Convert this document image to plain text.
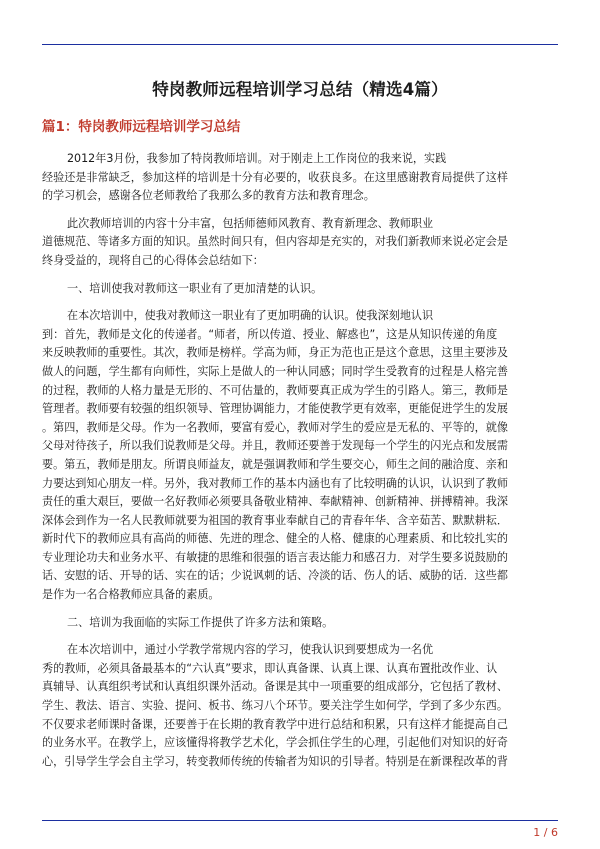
特岗教师远程培训学习总结（精选4篇）
篇1：特岗教师远程培训学习总结

2012年3月份，我参加了特岗教师培训。对于刚走上工作岗位的我来说，实践
经验还是非常缺乏，参加这样的培训是十分有必要的，收获良多。在这里感谢教育局提供了这样
的学习机会，感谢各位老师教给了我那么多的教育方法和教育理念。

此次教师培训的内容十分丰富，包括师德师风教育、教育新理念、教师职业
道德规范、等诸多方面的知识。虽然时间只有，但内容却是充实的，对我们新教师来说必定会是
终身受益的，现将自己的心得体会总结如下：

一、培训使我对教师这一职业有了更加清楚的认识。

在本次培训中，使我对教师这一职业有了更加明确的认识。使我深刻地认识
到：首先，教师是文化的传递者。“师者，所以传道、授业、解惑也”，这是从知识传递的角度
来反映教师的重要性。其次，教师是榜样。学高为师，身正为范也正是这个意思，这里主要涉及
做人的问题，学生都有向师性，实际上是做人的一种认同感；同时学生受教育的过程是人格完善
的过程，教师的人格力量是无形的、不可估量的，教师要真正成为学生的引路人。第三，教师是
管理者。教师要有较强的组织领导、管理协调能力，才能使教学更有效率，更能促进学生的发展
。第四，教师是父母。作为一名教师，要富有爱心，教师对学生的爱应是无私的、平等的，就像
父母对待孩子，所以我们说教师是父母。并且，教师还要善于发现每一个学生的闪光点和发展需
要。第五，教师是朋友。所谓良师益友，就是强调教师和学生要交心，师生之间的融洽度、亲和
力要达到知心朋友一样。另外，我对教师工作的基本内涵也有了比较明确的认识，认识到了教师
责任的重大艰巨，要做一名好教师必须要具备敬业精神、奉献精神、创新精神、拼搏精神。我深
深体会到作为一名人民教师就要为祖国的教育事业奉献自己的青春年华、含辛茹苦、默默耕耘．
新时代下的教师应具有高尚的师德、先进的理念、健全的人格、健康的心理素质、和比较扎实的
专业理论功夫和业务水平、有敏捷的思维和很强的语言表达能力和感召力．对学生要多说鼓励的
话、安慰的话、开导的话、实在的话；少说讽刺的话、冷淡的话、伤人的话、威胁的话．这些都
是作为一名合格教师应具备的素质。

二、培训为我面临的实际工作提供了许多方法和策略。

在本次培训中，通过小学教学常规内容的学习，使我认识到要想成为一名优
秀的教师，必须具备最基本的“六认真”要求，即认真备课、认真上课、认真布置批改作业、认
真辅导、认真组织考试和认真组织课外活动。备课是其中一项重要的组成部分，它包括了教材、
学生、教法、语言、实验、提问、板书、练习八个环节。要关注学生如何学，学到了多少东西。
不仅要求老师课时备课，还要善于在长期的教育教学中进行总结和积累，只有这样才能提高自己
的业务水平。在教学上，应该懂得将教学艺术化，学会抓住学生的心理，引起他们对知识的好奇
心，引导学生学会自主学习，转变教师传统的传输者为知识的引导者。特别是在新课程改革的背

1 / 6
